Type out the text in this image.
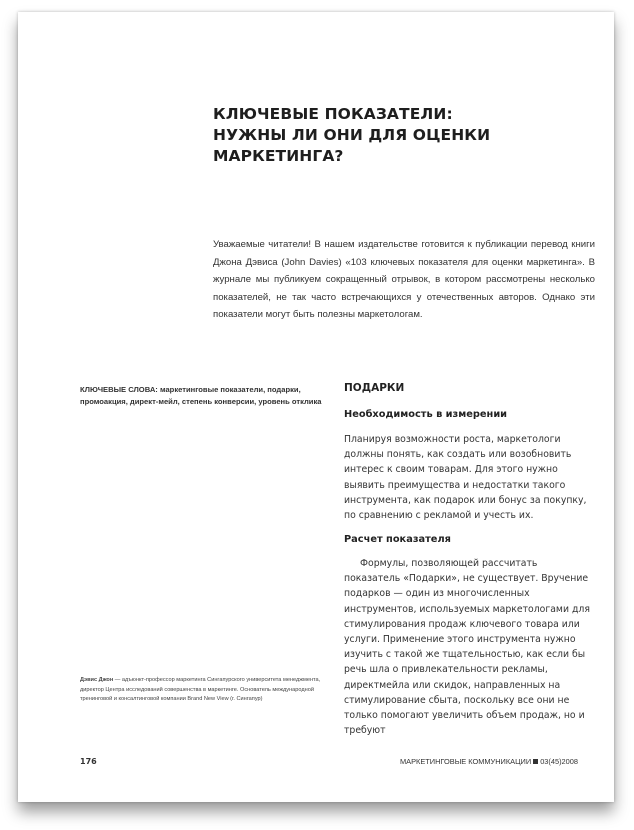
КЛЮЧЕВЫЕ ПОКАЗАТЕЛИ:
НУЖНЫ ЛИ ОНИ ДЛЯ ОЦЕНКИ МАРКЕТИНГА?
Уважаемые читатели! В нашем издательстве готовится к публикации перевод книги Джона Дэвиса (John Davies) «103 ключевых показателя для оценки маркетинга». В журнале мы публикуем сокращенный отрывок, в котором рассмотрены несколько показателей, не так часто встречающихся у отечественных авторов. Однако эти показатели могут быть полезны маркетологам.
КЛЮЧЕВЫЕ СЛОВА: маркетинговые показатели, подарки, промоакция, директ-мейл, степень конверсии, уровень отклика
ПОДАРКИ
Необходимость в измерении
Планируя возможности роста, маркетологи должны понять, как создать или возобновить интерес к своим товарам. Для этого нужно выявить преимущества и недостатки такого инструмента, как подарок или бонус за покупку, по сравнению с рекламой и учесть их.
Расчет показателя
Формулы, позволяющей рассчитать показатель «Подарки», не существует. Вручение подарков — один из многочисленных инструментов, используемых маркетологами для стимулирования продаж ключевого товара или услуги. Применение этого инструмента нужно изучить с такой же тщательностью, как если бы речь шла о привлекательности рекламы, директмейла или скидок, направленных на стимулирование сбыта, поскольку все они не только помогают увеличить объем продаж, но и требуют
Дэвис Джон — адъюнкт-профессор маркетинга Сингапурского университета менеджмента, директор Центра исследований совершенства в маркетинге. Основатель международной тренинговой и консалтинговой компании Brand New View (г. Сингапур)
176	МАРКЕТИНГОВЫЕ КОММУНИКАЦИИ 03(45)2008
